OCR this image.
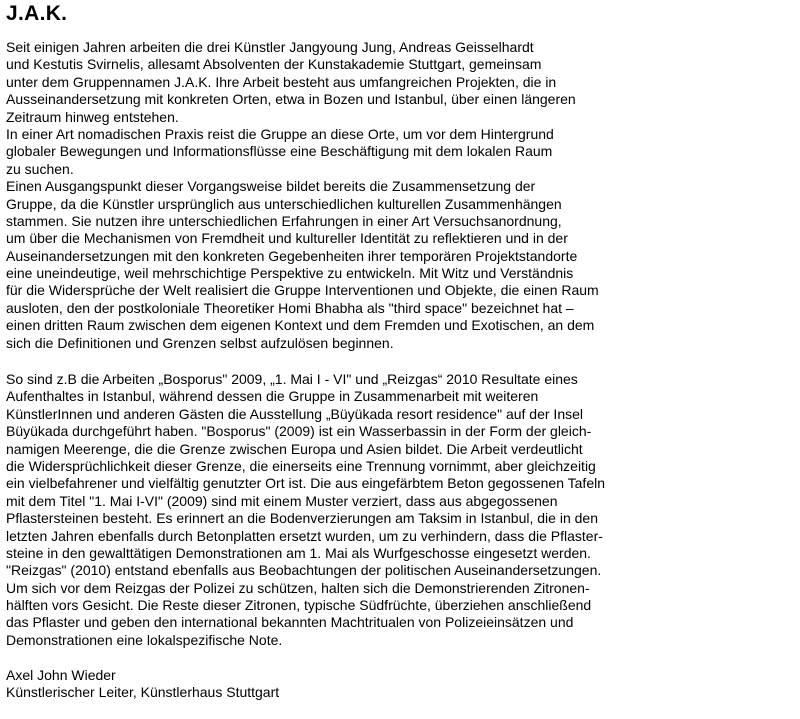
J.A.K.
Seit einigen Jahren arbeiten die drei Künstler Jangyoung Jung, Andreas Geisselhardt
und Kestutis Svirnelis, allesamt Absolventen der Kunstakademie Stuttgart, gemeinsam
unter dem Gruppennamen J.A.K. Ihre Arbeit besteht aus umfangreichen Projekten, die in
Ausseinandersetzung mit konkreten Orten, etwa in Bozen und Istanbul, über einen längeren
Zeitraum hinweg entstehen.
In einer Art nomadischen Praxis reist die Gruppe an diese Orte, um vor dem Hintergrund
globaler Bewegungen und Informationsflüsse eine Beschäftigung mit dem lokalen Raum
zu suchen.
Einen Ausgangspunkt dieser Vorgangsweise bildet bereits die Zusammensetzung der
Gruppe, da die Künstler ursprünglich aus unterschiedlichen kulturellen Zusammenhängen
stammen. Sie nutzen ihre unterschiedlichen Erfahrungen in einer Art Versuchsanordnung,
um über die Mechanismen von Fremdheit und kultureller Identität zu reflektieren und in der
Auseinandersetzungen mit den konkreten Gegebenheiten ihrer temporären Projektstandorte
eine uneindeutige, weil mehrschichtige Perspektive zu entwickeln. Mit Witz und Verständnis
für die Widersprüche der Welt realisiert die Gruppe Interventionen und Objekte, die einen Raum
ausloten, den der postkoloniale Theoretiker Homi Bhabha als "third space" bezeichnet hat –
einen dritten Raum zwischen dem eigenen Kontext und dem Fremden und Exotischen, an dem
sich die Definitionen und Grenzen selbst aufzulösen beginnen.
So sind z.B die Arbeiten „Bosporus" 2009, „1. Mai I - VI" und „Reizgas“ 2010 Resultate eines
Aufenthaltes in Istanbul, während dessen die Gruppe in Zusammenarbeit mit weiteren
KünstlerInnen und anderen Gästen die Ausstellung „Büyükada resort residence" auf der Insel
Büyükada durchgeführt haben. "Bosporus" (2009) ist ein Wasserbassin in der Form der gleich-
namigen Meerenge, die die Grenze zwischen Europa und Asien bildet. Die Arbeit verdeutlicht
die Widersprüchlichkeit dieser Grenze, die einerseits eine Trennung vornimmt, aber gleichzeitig
ein vielbefahrener und vielfältig genutzter Ort ist. Die aus eingefärbtem Beton gegossenen Tafeln
mit dem Titel "1. Mai I-VI" (2009) sind mit einem Muster verziert, dass aus abgegossenen
Pflastersteinen besteht. Es erinnert an die Bodenverzierungen am Taksim in Istanbul, die in den
letzten Jahren ebenfalls durch Betonplatten ersetzt wurden, um zu verhindern, dass die Pflaster-
steine in den gewalttätigen Demonstrationen am 1. Mai als Wurfgeschosse eingesetzt werden.
"Reizgas" (2010) entstand ebenfalls aus Beobachtungen der politischen Auseinandersetzungen.
Um sich vor dem Reizgas der Polizei zu schützen, halten sich die Demonstrierenden Zitronen-
hälften vors Gesicht. Die Reste dieser Zitronen, typische Südfrüchte, überziehen anschließend
das Pflaster und geben den international bekannten Machtritualen von Polizeieinsätzen und
Demonstrationen eine lokalspezifische Note.
Axel John Wieder
Künstlerischer Leiter, Künstlerhaus Stuttgart
